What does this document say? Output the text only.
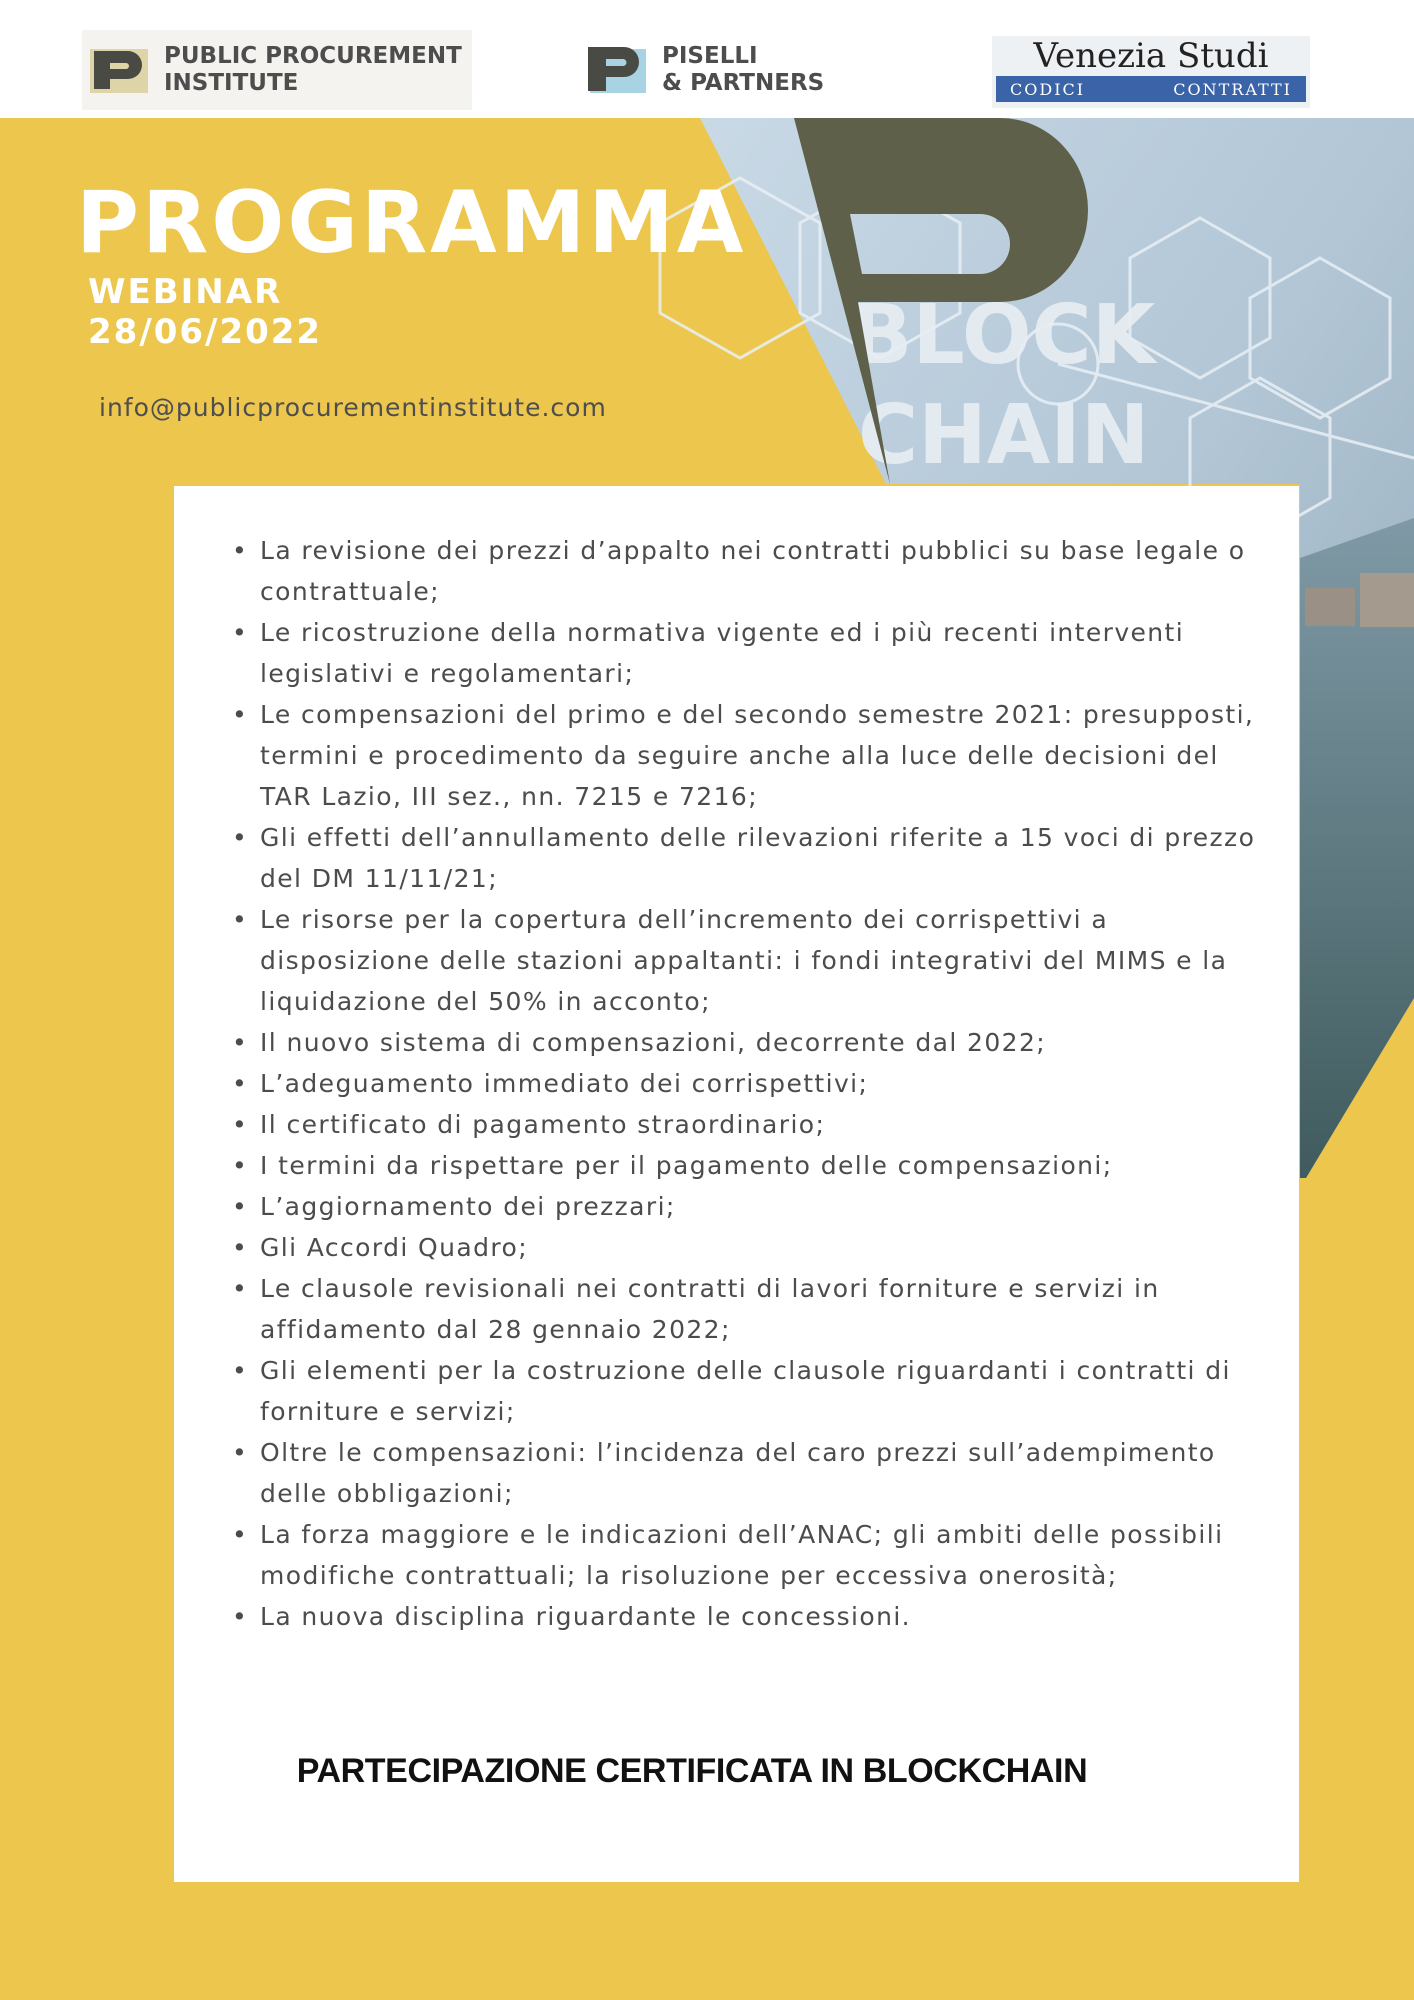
PUBLIC PROCUREMENT
INSTITUTE
PISELLI
& PARTNERS
Venezia Studi
CODICI	CONTRATTI
BLOCK
CHAIN
PROGRAMMA
WEBINAR
28/06/2022
info@publicprocurementinstitute.com
• La revisione dei prezzi d’appalto nei contratti pubblici su base legale o contrattuale;
• Le ricostruzione della normativa vigente ed i più recenti interventi legislativi e regolamentari;
• Le compensazioni del primo e del secondo semestre 2021: presupposti, termini e procedimento da seguire anche alla luce delle decisioni del TAR Lazio, III sez., nn. 7215 e 7216;
• Gli effetti dell’annullamento delle rilevazioni riferite a 15 voci di prezzo del DM 11/11/21;
• Le risorse per la copertura dell’incremento dei corrispettivi a disposizione delle stazioni appaltanti: i fondi integrativi del MIMS e la liquidazione del 50% in acconto;
• Il nuovo sistema di compensazioni, decorrente dal 2022;
• L’adeguamento immediato dei corrispettivi;
• Il certificato di pagamento straordinario;
• I termini da rispettare per il pagamento delle compensazioni;
• L’aggiornamento dei prezzari;
• Gli Accordi Quadro;
• Le clausole revisionali nei contratti di lavori forniture e servizi in affidamento dal 28 gennaio 2022;
• Gli elementi per la costruzione delle clausole riguardanti i contratti di forniture e servizi;
• Oltre le compensazioni: l’incidenza del caro prezzi sull’adempimento delle obbligazioni;
• La forza maggiore e le indicazioni dell’ANAC; gli ambiti delle possibili modifiche contrattuali; la risoluzione per eccessiva onerosità;
• La nuova disciplina riguardante le concessioni.
PARTECIPAZIONE CERTIFICATA IN BLOCKCHAIN
